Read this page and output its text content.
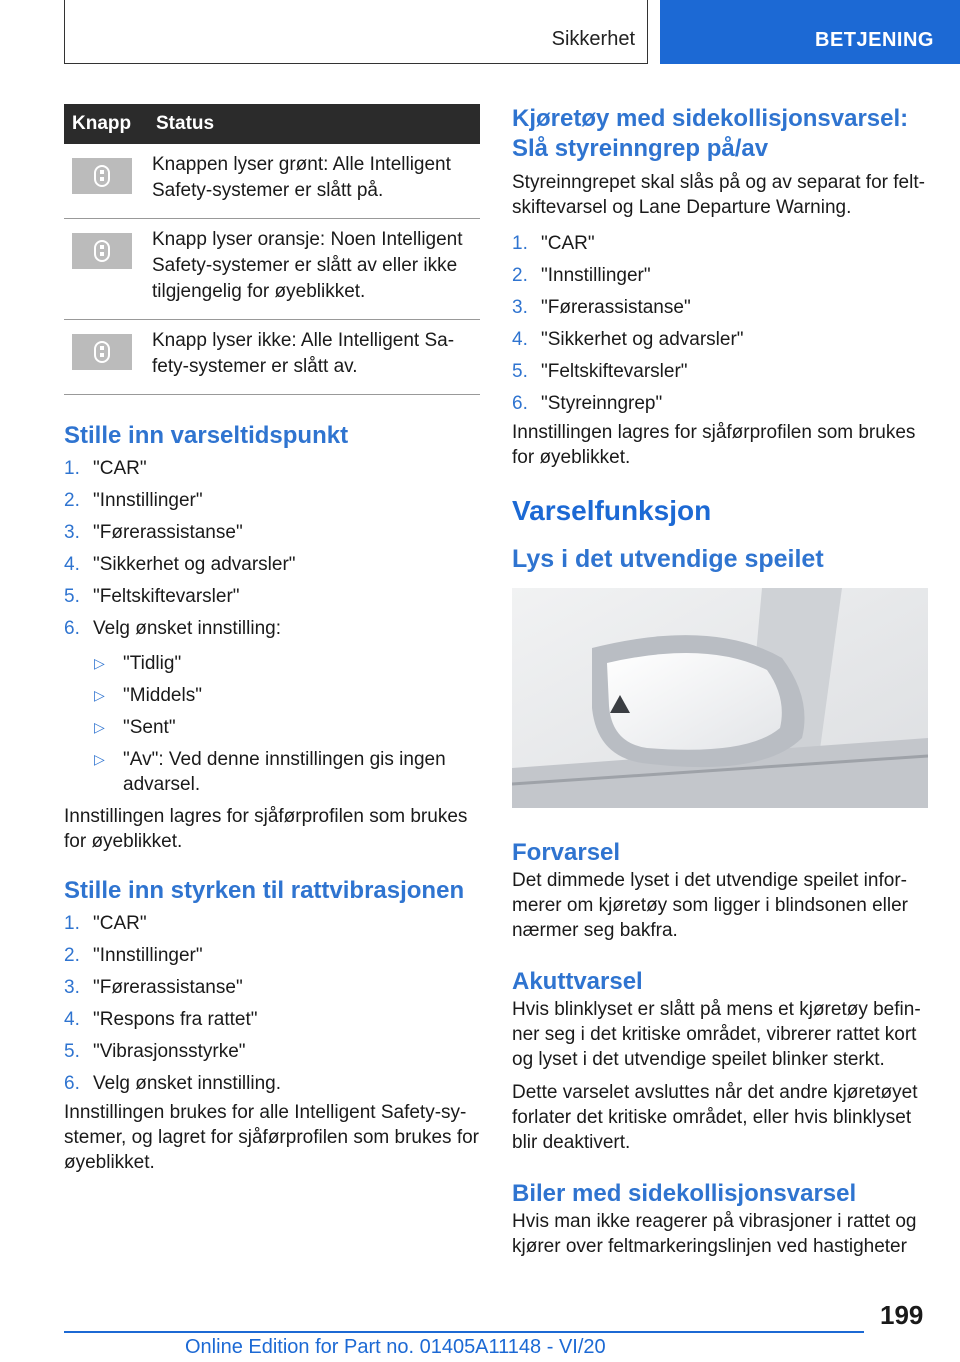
Sikkerhet	BETJENING
Knapp	Status

	Knappen lyser grønt: Alle Intelligent Safety-systemer er slått på.

	Knapp lyser oransje: Noen Intelligent Safety-systemer er slått av eller ikke tilgjengelig for øyeblikket.

	Knapp lyser ikke: Alle Intelligent Safety-systemer er slått av.
Stille inn varseltidspunkt
1. "CAR"
2. "Innstillinger"
3. "Førerassistanse"
4. "Sikkerhet og advarsler"
5. "Feltskiftevarsler"
6. Velg ønsket innstilling:
▷ "Tidlig"
▷ "Middels"
▷ "Sent"
▷ "Av": Ved denne innstillingen gis ingen advarsel.

Innstillingen lagres for sjåførprofilen som brukes for øyeblikket.

Stille inn styrken til rattvibrasjonen
1. "CAR"
2. "Innstillinger"
3. "Førerassistanse"
4. "Respons fra rattet"
5. "Vibrasjonsstyrke"
6. Velg ønsket innstilling.

Innstillingen brukes for alle Intelligent Safety-systemer, og lagret for sjåførprofilen som brukes for øyeblikket.

Kjøretøy med sidekollisjonsvarsel: Slå styreinngrep på/av

Styreinngrepet skal slås på og av separat for feltskiftevarsel og Lane Departure Warning.

1. "CAR"
2. "Innstillinger"
3. "Førerassistanse"
4. "Sikkerhet og advarsler"
5. "Feltskiftevarsler"
6. "Styreinngrep"

Innstillingen lagres for sjåførprofilen som brukes for øyeblikket.

Varselfunksjon
Lys i det utvendige speilet
Forvarsel

Det dimmede lyset i det utvendige speilet informerer om kjøretøy som ligger i blindsonen eller nærmer seg bakfra.

Akuttvarsel

Hvis blinklyset er slått på mens et kjøretøy befinner seg i det kritiske området, vibrerer rattet kort og lyset i det utvendige speilet blinker sterkt.

Dette varselet avsluttes når det andre kjøretøyet forlater det kritiske området, eller hvis blinklyset blir deaktivert.

Biler med sidekollisjonsvarsel

Hvis man ikke reagerer på vibrasjoner i rattet og kjører over feltmarkeringslinjen ved hastigheter

199
Online Edition for Part no. 01405A11148 - VI/20
